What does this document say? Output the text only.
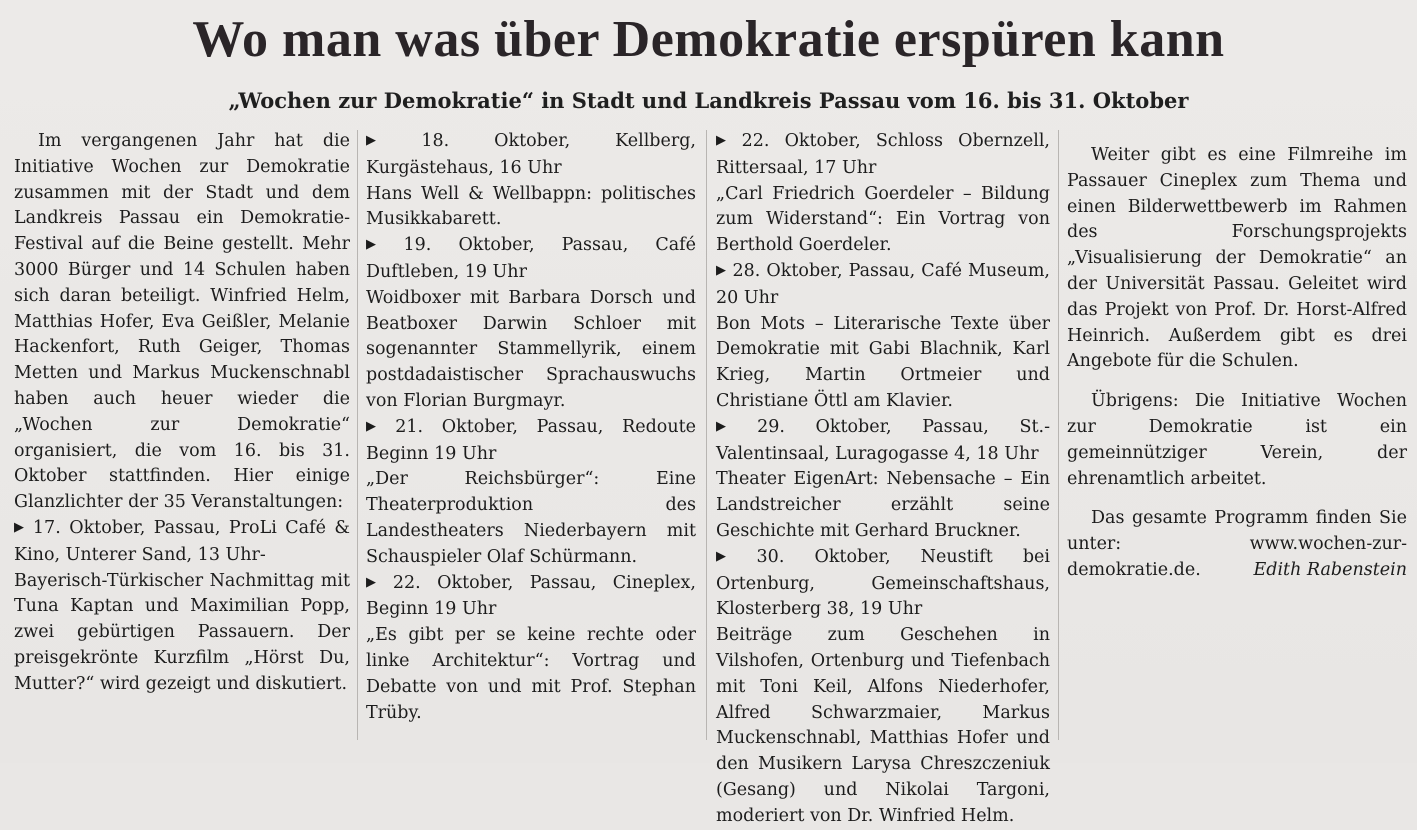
Wo man was über Demokratie erspüren kann
„Wochen zur Demokratie“ in Stadt und Landkreis Passau vom 16. bis 31. Oktober

Im vergangenen Jahr hat die Initiative Wochen zur Demokratie zusammen mit der Stadt und dem Landkreis Passau ein Demokratie-Festival auf die Beine gestellt. Mehr 3000 Bürger und 14 Schulen haben sich daran beteiligt. Winfried Helm, Matthias Hofer, Eva Geißler, Melanie Hackenfort, Ruth Geiger, Thomas Metten und Markus Muckenschnabl haben auch heuer wieder die „Wochen zur Demokratie“ organisiert, die vom 16. bis 31. Oktober stattfinden. Hier einige Glanzlichter der 35 Veranstaltungen:

▶ 17. Oktober, Passau, ProLi Café & Kino, Unterer Sand, 13 Uhr-
Bayerisch-Türkischer Nachmittag mit Tuna Kaptan und Maximilian Popp, zwei gebürtigen Passauern. Der preisgekrönte Kurzfilm „Hörst Du, Mutter?“ wird gezeigt und diskutiert.
▶ 18. Oktober, Kellberg, Kurgästehaus, 16 Uhr
Hans Well & Wellbappn: politisches Musikkabarett.
▶ 19. Oktober, Passau, Café Duftleben, 19 Uhr
Woidboxer mit Barbara Dorsch und Beatboxer Darwin Schloer mit sogenannter Stammellyrik, einem postdadaistischer Sprachauswuchs von Florian Burgmayr.
▶ 21. Oktober, Passau, Redoute Beginn 19 Uhr
„Der Reichsbürger“: Eine Theaterproduktion des Landestheaters Niederbayern mit Schauspieler Olaf Schürmann.
▶ 22. Oktober, Passau, Cineplex, Beginn 19 Uhr
„Es gibt per se keine rechte oder linke Architektur“: Vortrag und Debatte von und mit Prof. Stephan Trüby.
▶ 22. Oktober, Schloss Obernzell, Rittersaal, 17 Uhr
„Carl Friedrich Goerdeler – Bildung zum Widerstand“: Ein Vortrag von Berthold Goerdeler.
▶ 28. Oktober, Passau, Café Museum, 20 Uhr
Bon Mots – Literarische Texte über Demokratie mit Gabi Blachnik, Karl Krieg, Martin Ortmeier und Christiane Öttl am Klavier.
▶ 29. Oktober, Passau, St.-Valentinsaal, Luragogasse 4, 18 Uhr
Theater EigenArt: Nebensache – Ein Landstreicher erzählt seine Geschichte mit Gerhard Bruckner.
▶ 30. Oktober, Neustift bei Ortenburg, Gemeinschaftshaus, Klosterberg 38, 19 Uhr
Beiträge zum Geschehen in Vilshofen, Ortenburg und Tiefenbach mit Toni Keil, Alfons Niederhofer, Alfred Schwarzmaier, Markus Muckenschnabl, Matthias Hofer und den Musikern Larysa Chreszczeniuk (Gesang) und Nikolai Targoni, moderiert von Dr. Winfried Helm.

Weiter gibt es eine Filmreihe im Passauer Cineplex zum Thema und einen Bilderwettbewerb im Rahmen des Forschungsprojekts „Visualisierung der Demokratie“ an der Universität Passau. Geleitet wird das Projekt von Prof. Dr. Horst-Alfred Heinrich. Außerdem gibt es drei Angebote für die Schulen.

Übrigens: Die Initiative Wochen zur Demokratie ist ein gemeinnütziger Verein, der ehrenamtlich arbeitet.

Das gesamte Programm finden Sie unter: www.wochen-zur-demokratie.de.	Edith Rabenstein
